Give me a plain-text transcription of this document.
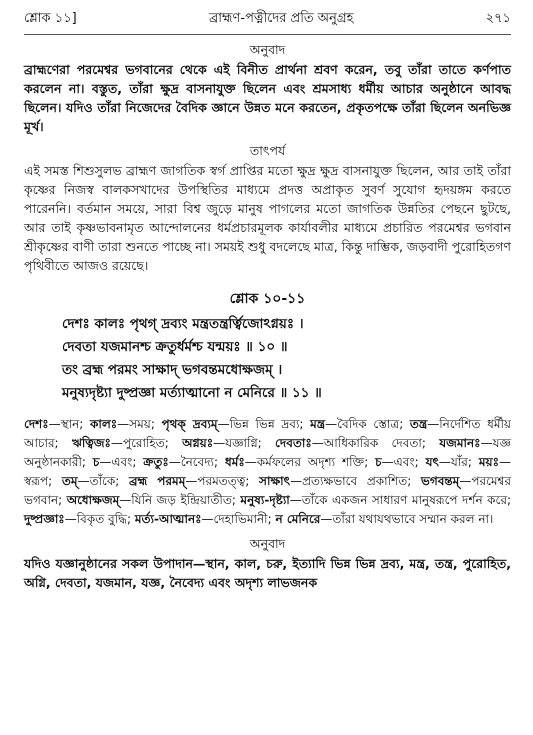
শ্লোক ১১]	ব্রাহ্মণ-পত্নীদের প্রতি অনুগ্রহ	২৭১
অনুবাদ

ব্রাহ্মণেরা পরমেশ্বর ভগবানের থেকে এই বিনীত প্রার্থনা শ্রবণ করেন, তবু তাঁরা তাতে কর্ণপাত করলেন না। বস্তুত, তাঁরা ক্ষুদ্র বাসনাযুক্ত ছিলেন এবং শ্রমসাধ্য ধর্মীয় আচার অনুষ্ঠানে আবদ্ধ ছিলেন। যদিও তাঁরা নিজেদের বৈদিক জ্ঞানে উন্নত মনে করতেন, প্রকৃতপক্ষে তাঁরা ছিলেন অনভিজ্ঞ মূর্খ।

তাৎপর্য

এই সমস্ত শিশুসুলভ ব্রাহ্মণ জাগতিক স্বর্গ প্রাপ্তির মতো ক্ষুদ্র ক্ষুদ্র বাসনাযুক্ত ছিলেন, আর তাই তাঁরা কৃষ্ণের নিজস্ব বালকসখাদের উপস্থিতির মাধ্যমে প্রদত্ত অপ্রাকৃত সুবর্ণ সুযোগ হৃদয়ঙ্গম করতে পারেননি। বর্তমান সময়ে, সারা বিশ্ব জুড়ে মানুষ পাগলের মতো জাগতিক উন্নতির পেছনে ছুটছে, আর তাই কৃষ্ণভাবনামৃত আন্দোলনের ধর্মপ্রচারমূলক কার্যাবলীর মাধ্যমে প্রচারিত পরমেশ্বর ভগবান শ্রীকৃষ্ণের বাণী তারা শুনতে পাচ্ছে না। সময়ই শুধু বদলেছে মাত্র, কিন্তু দাম্ভিক, জড়বাদী পুরোহিতগণ পৃথিবীতে আজও রয়েছে।

শ্লোক ১০-১১
দেশঃ কালঃ পৃথগ্ দ্রব্যং মন্ত্রতন্ত্রর্ত্বিজোঽগ্নয়ঃ ।
দেবতা যজমানশ্চ ক্রতুর্ধর্মশ্চ যন্ময়ঃ ॥ ১০ ॥
তং ব্রহ্ম পরমং সাক্ষাদ্ ভগবন্তমধোক্ষজম্ ।
মনুষ্যদৃষ্ট্যা দুষ্প্রজ্ঞা মর্ত্যাত্মানো ন মেনিরে ॥ ১১ ॥

দেশঃ—স্থান; কালঃ—সময়; পৃথক্ দ্রব্যম্—ভিন্ন ভিন্ন দ্রব্য; মন্ত্র—বৈদিক স্তোত্র; তন্ত্র—নির্দেশিত ধর্মীয় আচার; ঋত্বিজঃ—পুরোহিত; অগ্নয়ঃ—যজ্ঞাগ্নি; দেবতাঃ—আধিকারিক দেবতা; যজমানঃ—যজ্ঞ অনুষ্ঠানকারী; চ—এবং; ক্রতুঃ—নৈবেদ্য; ধর্মঃ—কর্মফলের অদৃশ্য শক্তি; চ—এবং; যৎ—যাঁর; ময়ঃ—স্বরূপ; তম্—তাঁকে; ব্রহ্ম পরমম্—পরমতত্ত্ব; সাক্ষাৎ—প্রত্যক্ষভাবে প্রকাশিত; ভগবন্তম্—পরমেশ্বর ভগবান; অধোক্ষজম্—যিনি জড় ইন্দ্রিয়াতীত; মনুষ্য-দৃষ্ট্যা—তাঁকে একজন সাধারণ মানুষরূপে দর্শন করে; দুষ্প্রজ্ঞাঃ—বিকৃত বুদ্ধি; মর্ত্য-আত্মানঃ—দেহাভিমানী; ন মেনিরে—তাঁরা যথাযথভাবে সম্মান করল না।

অনুবাদ

যদিও যজ্ঞানুষ্ঠানের সকল উপাদান—স্থান, কাল, চরু, ইত্যাদি ভিন্ন ভিন্ন দ্রব্য, মন্ত্র, তন্ত্র, পুরোহিত, অগ্নি, দেবতা, যজমান, যজ্ঞ, নৈবেদ্য এবং অদৃশ্য লাভজনক
